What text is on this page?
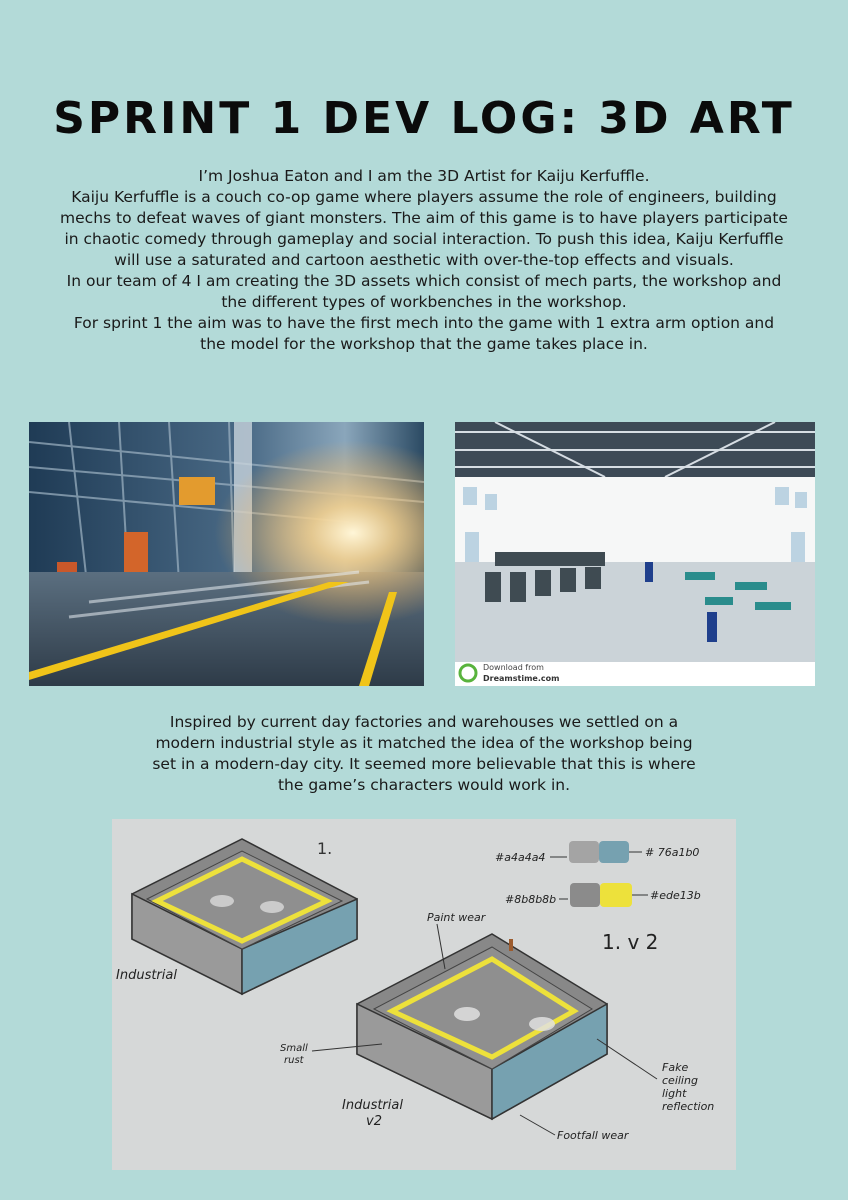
SPRINT 1 DEV LOG: 3D ART

I’m Joshua Eaton and I am the 3D Artist for Kaiju Kerfuffle.

Kaiju Kerfuffle is a couch co-op game where players assume the role of engineers, building mechs to defeat waves of giant monsters. The aim of this game is to have players participate in chaotic comedy through gameplay and social interaction. To push this idea, Kaiju Kerfuffle will use a saturated and cartoon aesthetic with over-the-top effects and visuals.

In our team of 4 I am creating the 3D assets which consist of mech parts, the workshop and the different types of workbenches in the workshop.

For sprint 1 the aim was to have the first mech into the game with 1 extra arm option and the model for the workshop that the game takes place in.

Download from
Dreamstime.com
Inspired by current day factories and warehouses we settled on a modern industrial style as it matched the idea of the workshop being set in a modern-day city. It seemed more believable that this is where the game’s characters would work in.
1.
Industrial
1. v 2
Industrial
v2
Paint wear
Small
rust
Fake
ceiling
light
reflection
Footfall wear
#a4a4a4	# 76a1b0
#8b8b8b	#ede13b
